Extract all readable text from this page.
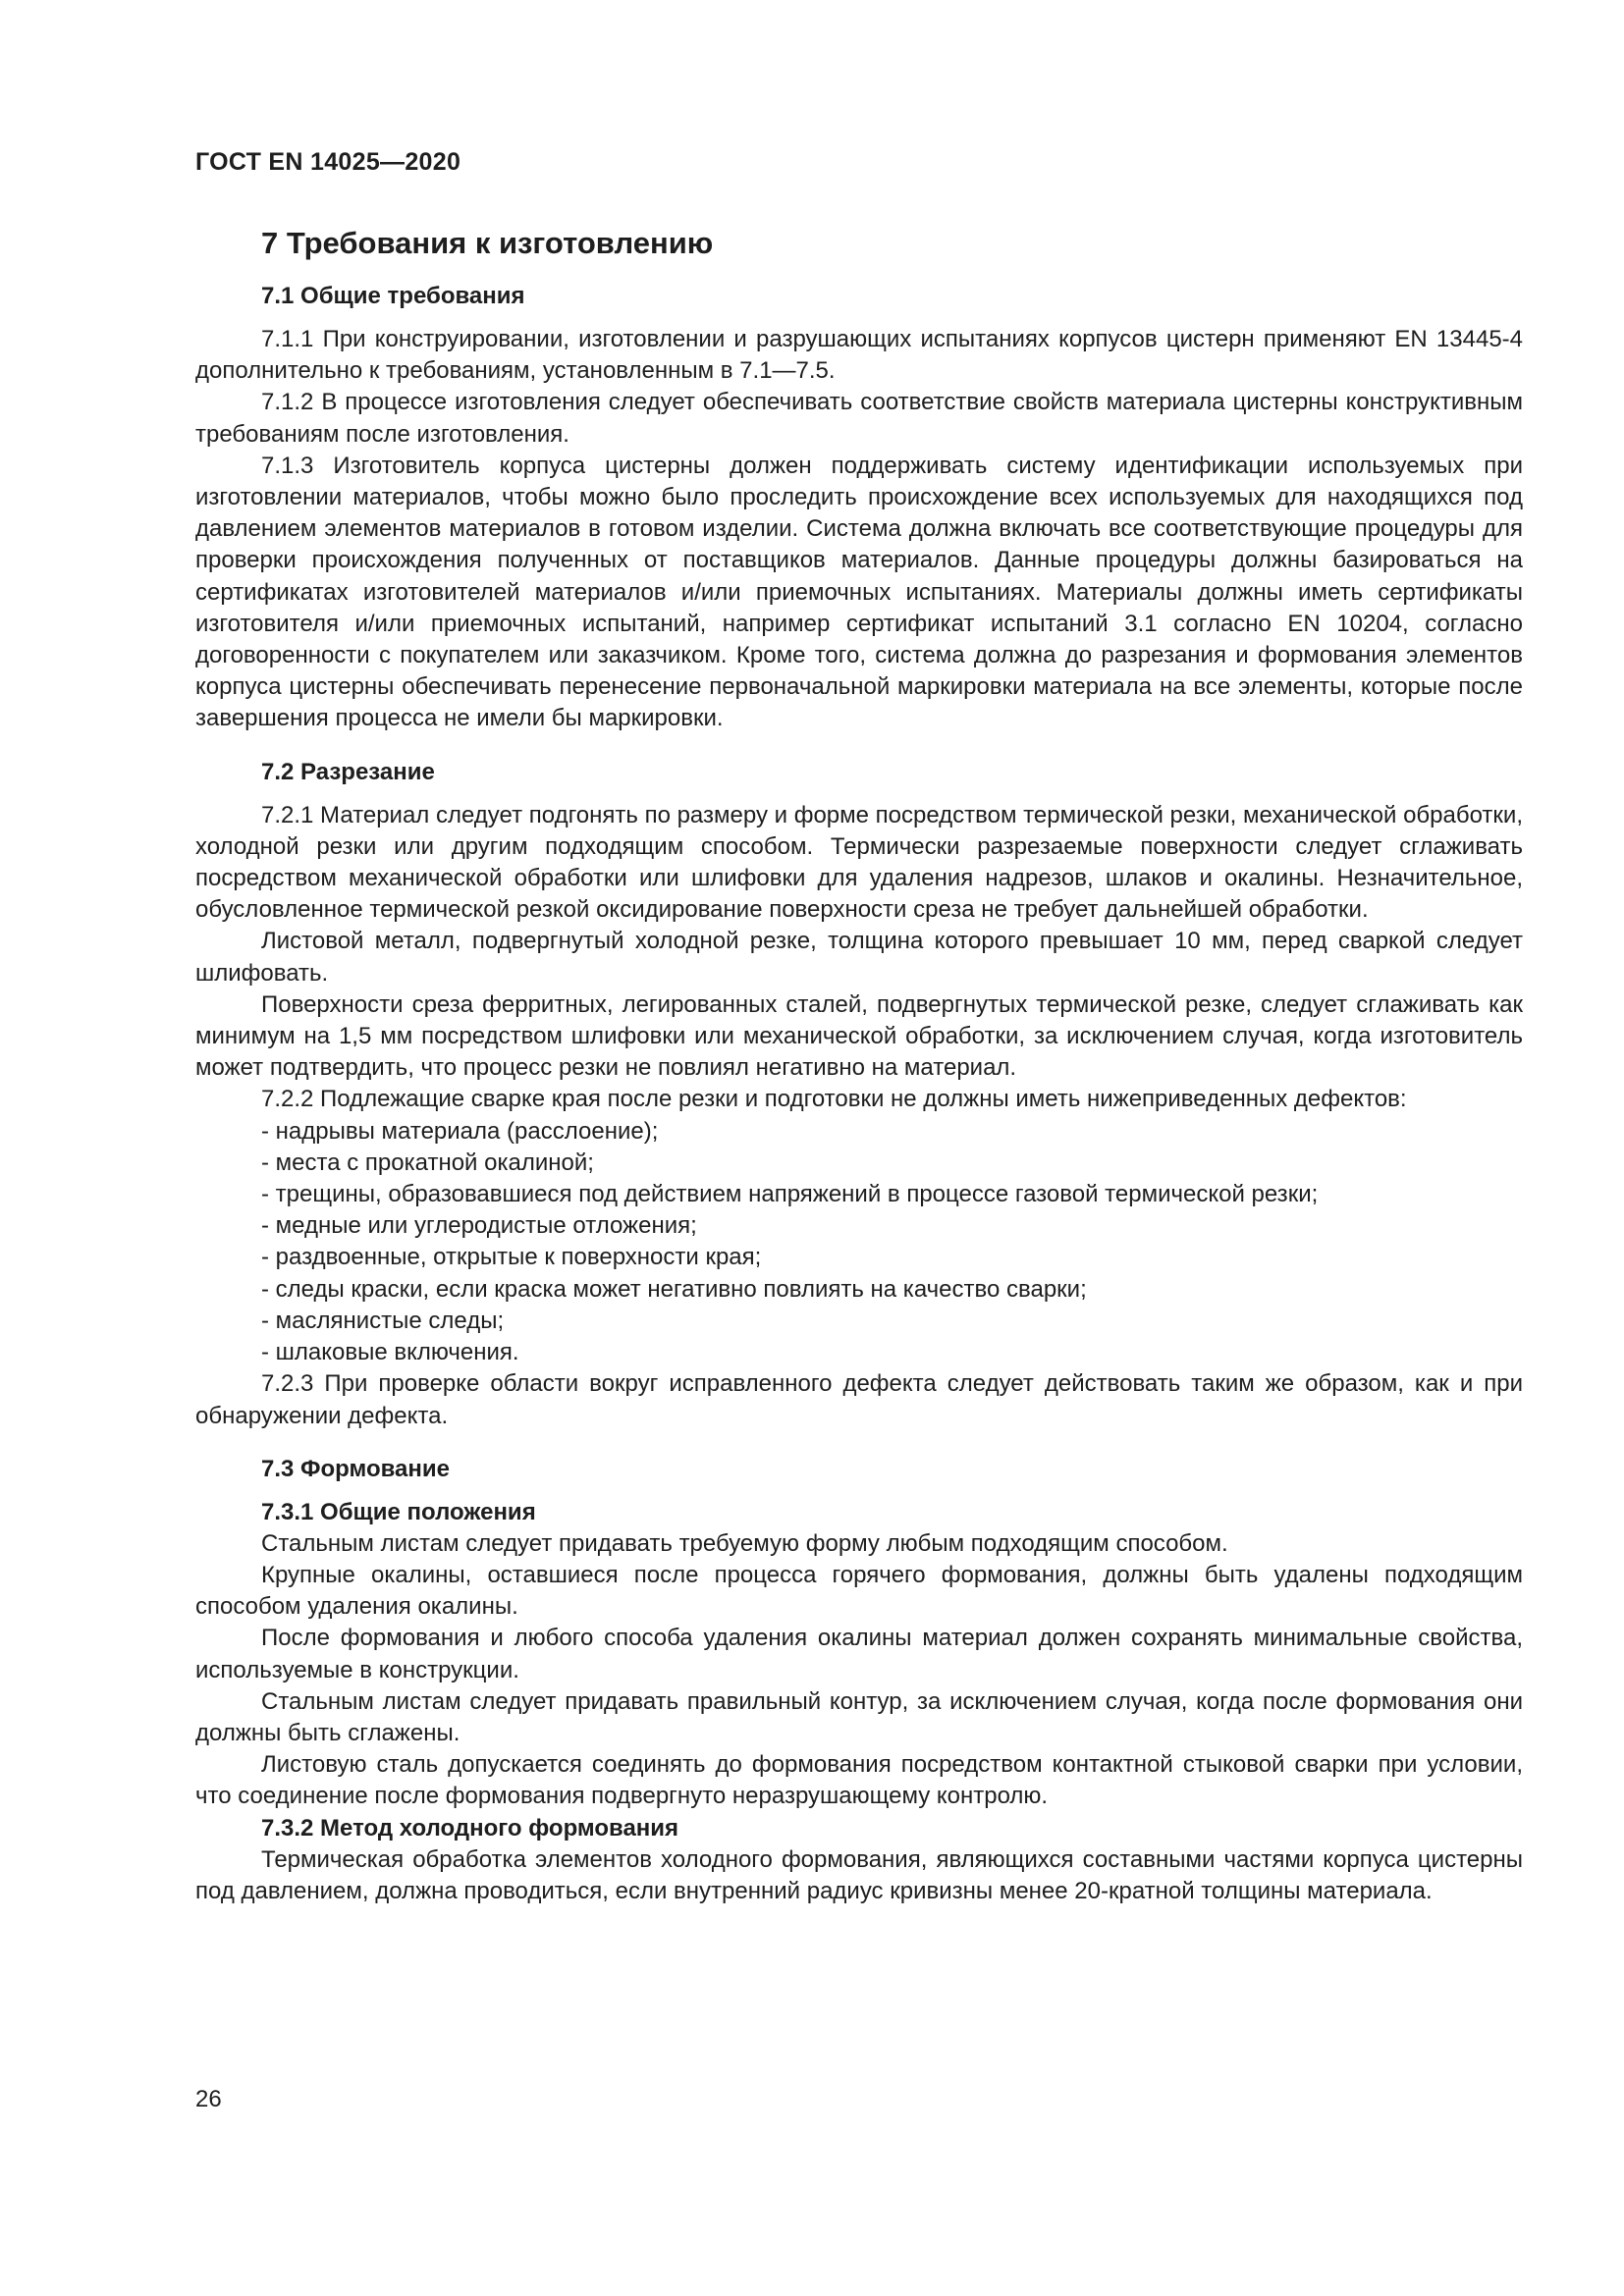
ГОСТ EN 14025—2020
7 Требования к изготовлению
7.1 Общие требования

7.1.1 При конструировании, изготовлении и разрушающих испытаниях корпусов цистерн применяют EN 13445-4 дополнительно к требованиям, установленным в 7.1—7.5.

7.1.2 В процессе изготовления следует обеспечивать соответствие свойств материала цистерны конструктивным требованиям после изготовления.

7.1.3 Изготовитель корпуса цистерны должен поддерживать систему идентификации используемых при изготовлении материалов, чтобы можно было проследить происхождение всех используемых для находящихся под давлением элементов материалов в готовом изделии. Система должна включать все соответствующие процедуры для проверки происхождения полученных от поставщиков материалов. Данные процедуры должны базироваться на сертификатах изготовителей материалов и/или приемочных испытаниях. Материалы должны иметь сертификаты изготовителя и/или приемочных испытаний, например сертификат испытаний 3.1 согласно EN 10204, согласно договоренности с покупателем или заказчиком. Кроме того, система должна до разрезания и формования элементов корпуса цистерны обеспечивать перенесение первоначальной маркировки материала на все элементы, которые после завершения процесса не имели бы маркировки.

7.2 Разрезание

7.2.1 Материал следует подгонять по размеру и форме посредством термической резки, механической обработки, холодной резки или другим подходящим способом. Термически разрезаемые поверхности следует сглаживать посредством механической обработки или шлифовки для удаления надрезов, шлаков и окалины. Незначительное, обусловленное термической резкой оксидирование поверхности среза не требует дальнейшей обработки.

Листовой металл, подвергнутый холодной резке, толщина которого превышает 10 мм, перед сваркой следует шлифовать.

Поверхности среза ферритных, легированных сталей, подвергнутых термической резке, следует сглаживать как минимум на 1,5 мм посредством шлифовки или механической обработки, за исключением случая, когда изготовитель может подтвердить, что процесс резки не повлиял негативно на материал.

7.2.2 Подлежащие сварке края после резки и подготовки не должны иметь нижеприведенных дефектов:

- надрывы материала (расслоение);
- места с прокатной окалиной;
- трещины, образовавшиеся под действием напряжений в процессе газовой термической резки;
- медные или углеродистые отложения;
- раздвоенные, открытые к поверхности края;
- следы краски, если краска может негативно повлиять на качество сварки;
- маслянистые следы;
- шлаковые включения.

7.2.3 При проверке области вокруг исправленного дефекта следует действовать таким же образом, как и при обнаружении дефекта.

7.3 Формование
7.3.1 Общие положения

Стальным листам следует придавать требуемую форму любым подходящим способом.

Крупные окалины, оставшиеся после процесса горячего формования, должны быть удалены подходящим способом удаления окалины.

После формования и любого способа удаления окалины материал должен сохранять минимальные свойства, используемые в конструкции.

Стальным листам следует придавать правильный контур, за исключением случая, когда после формования они должны быть сглажены.

Листовую сталь допускается соединять до формования посредством контактной стыковой сварки при условии, что соединение после формования подвергнуто неразрушающему контролю.

7.3.2 Метод холодного формования

Термическая обработка элементов холодного формования, являющихся составными частями корпуса цистерны под давлением, должна проводиться, если внутренний радиус кривизны менее 20-кратной толщины материала.

26
